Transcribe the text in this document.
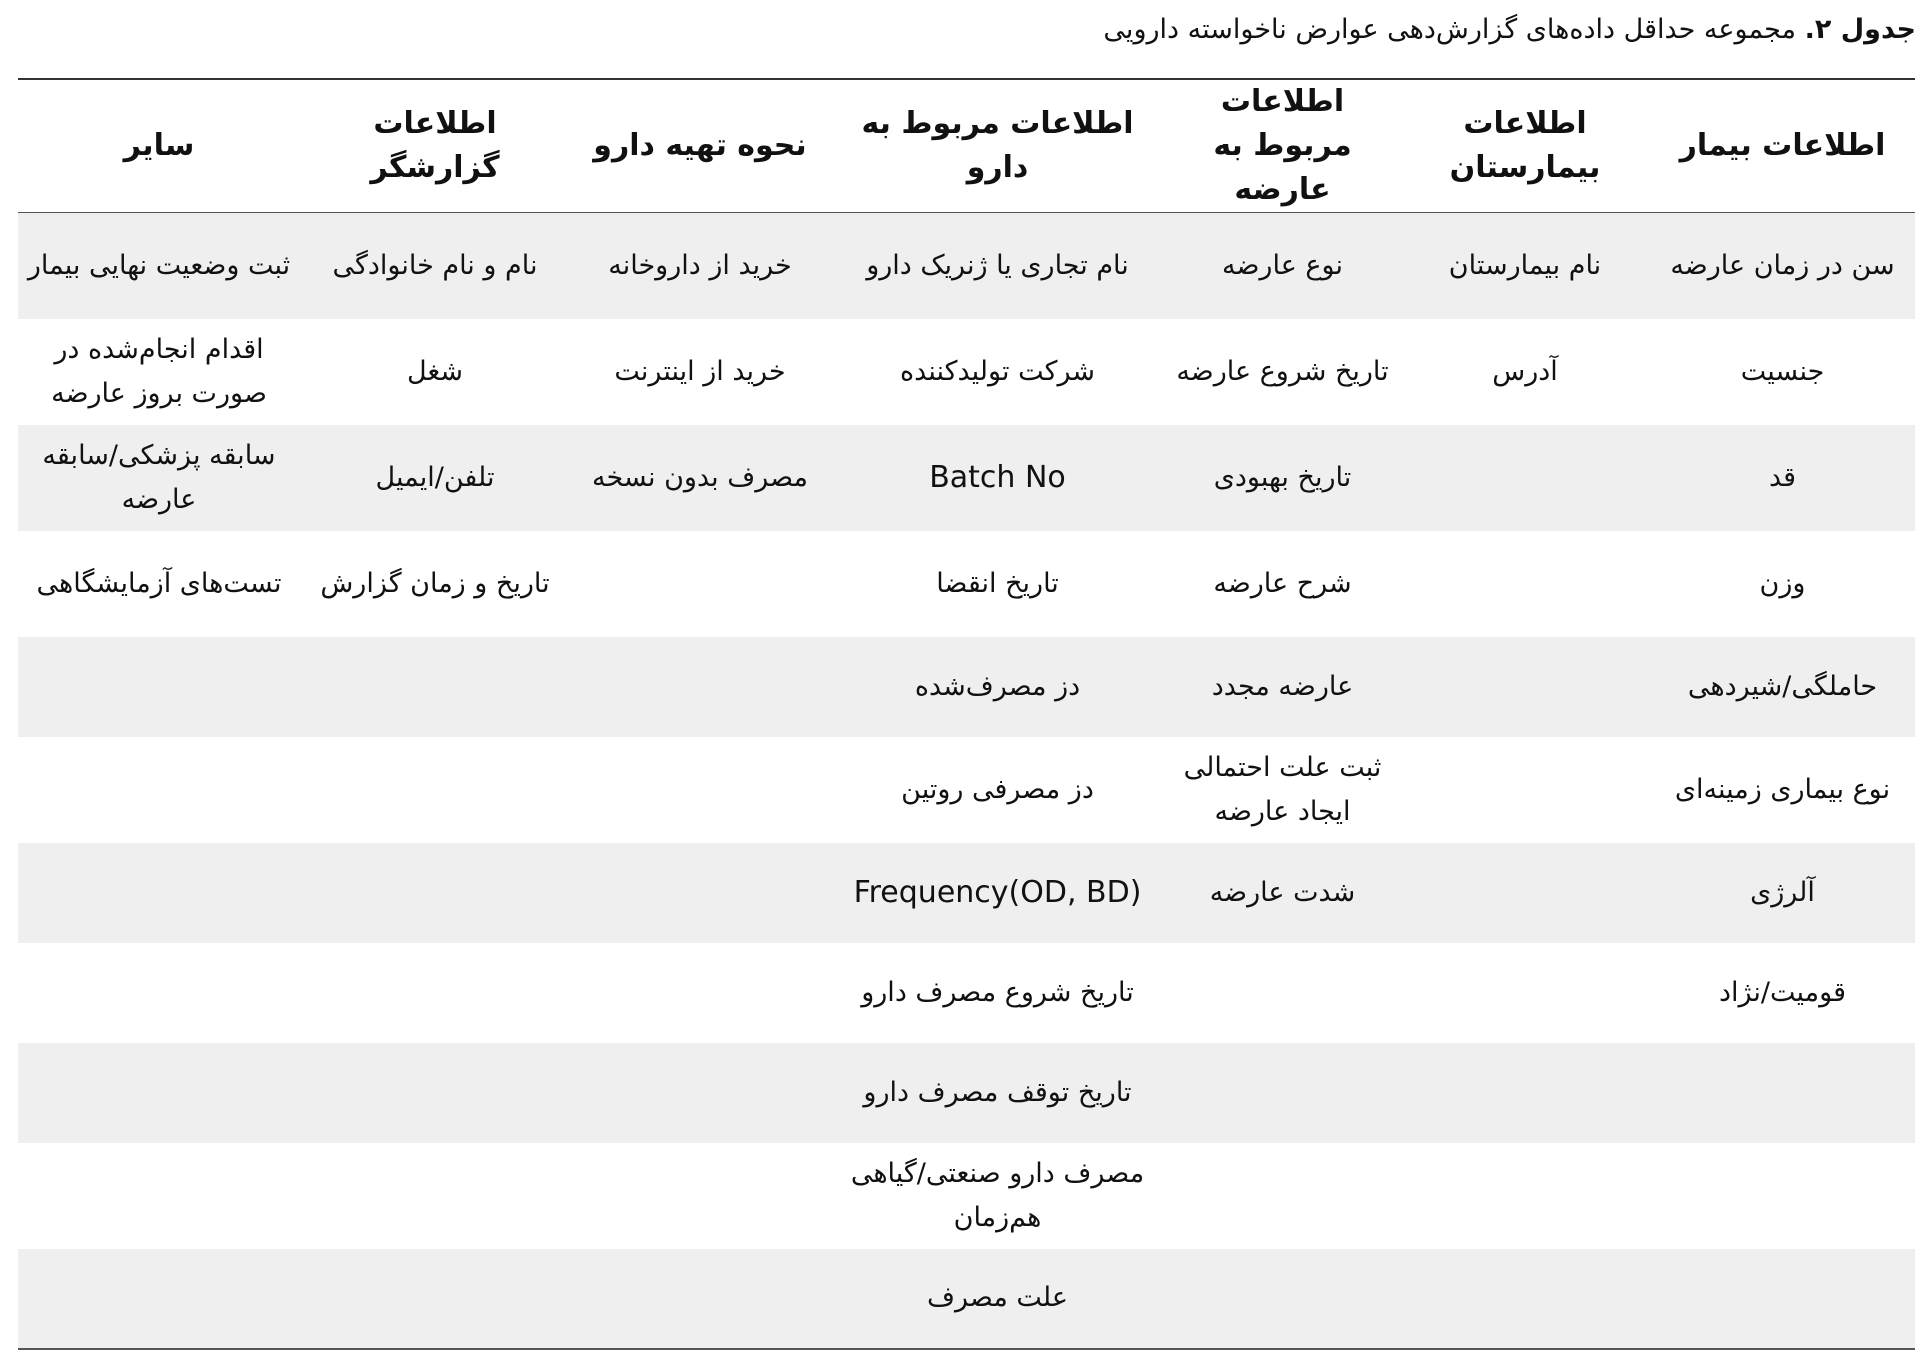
جدول ۲. مجموعه حداقل داده‌های گزارش‌دهی عوارض ناخواسته دارویی
اطلاعات بیمار	اطلاعات بیمارستان	اطلاعات مربوط به عارضه	اطلاعات مربوط به دارو	نحوه تهیه دارو	اطلاعات گزارشگر	سایر
سن در زمان عارضه	نام بیمارستان	نوع عارضه	نام تجاری یا ژنریک دارو	خرید از داروخانه	نام و نام خانوادگی	ثبت وضعیت نهایی بیمار
جنسیت	آدرس	تاریخ شروع عارضه	شرکت تولیدکننده	خرید از اینترنت	شغل	اقدام انجام‌شده در صورت بروز عارضه
قد		تاریخ بهبودی	Batch No	مصرف بدون نسخه	تلفن/ایمیل	سابقه پزشکی/سابقه عارضه
وزن		شرح عارضه	تاریخ انقضا		تاریخ و زمان گزارش	تست‌های آزمایشگاهی
حاملگی/شیردهی		عارضه مجدد	دز مصرف‌شده			
نوع بیماری زمینه‌ای		ثبت علت احتمالی ایجاد عارضه	دز مصرفی روتین			
آلرژی		شدت عارضه	Frequency(OD, BD)			
قومیت/نژاد			تاریخ شروع مصرف دارو			
			تاریخ توقف مصرف دارو			
			مصرف دارو صنعتی/گیاهی هم‌زمان			
			علت مصرف			
